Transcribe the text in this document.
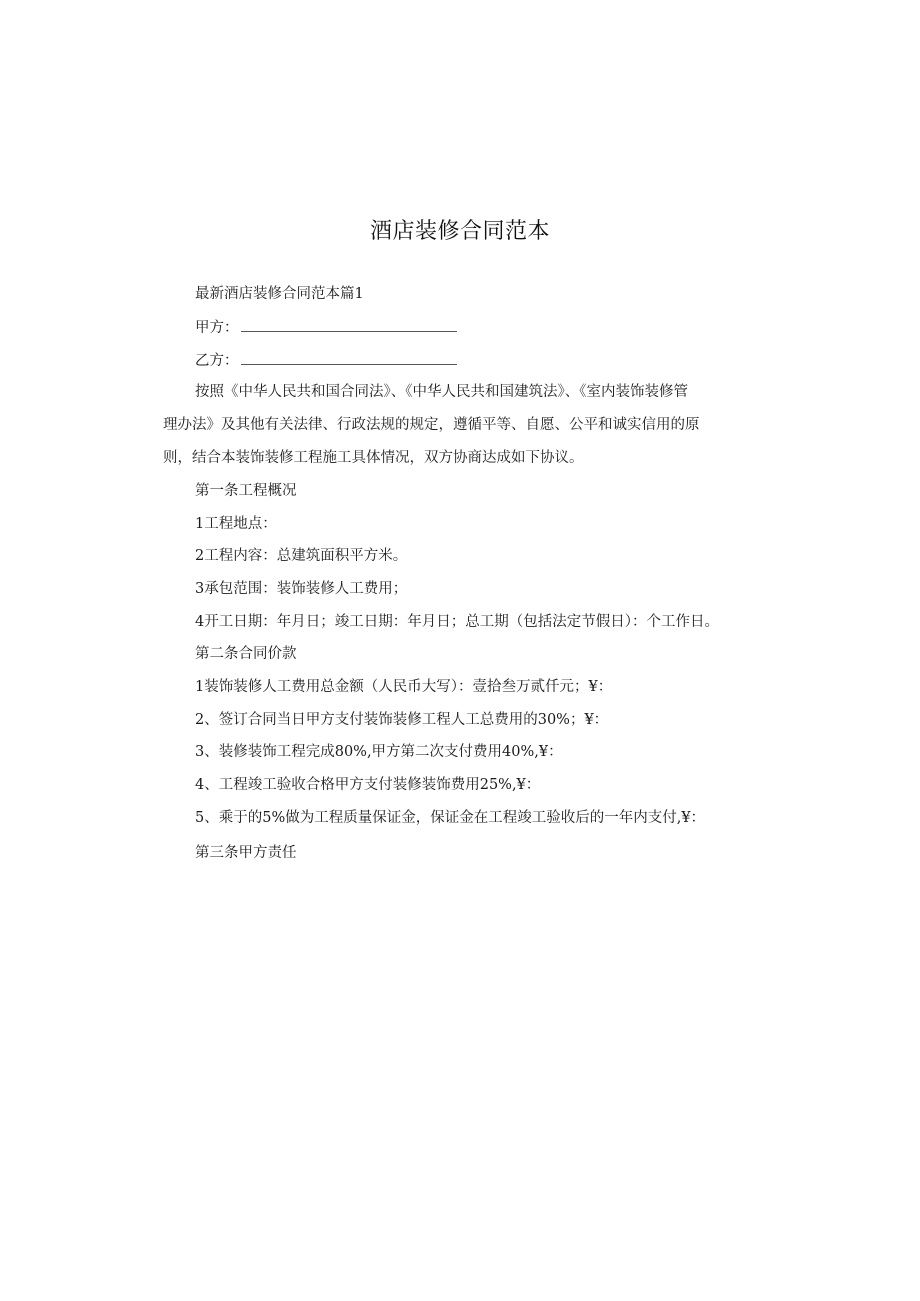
酒店装修合同范本
最新酒店装修合同范本篇1
甲方：
乙方：
按照《中华人民共和国合同法》、《中华人民共和国建筑法》、《室内装饰装修管
理办法》及其他有关法律、行政法规的规定，遵循平等、自愿、公平和诚实信用的原
则，结合本装饰装修工程施工具体情况，双方协商达成如下协议。
第一条工程概况
1工程地点：
2工程内容：总建筑面积平方米。
3承包范围：装饰装修人工费用；
4开工日期：年月日；竣工日期：年月日；总工期（包括法定节假日）：个工作日。
第二条合同价款
1装饰装修人工费用总金额（人民币大写）：壹拾叁万贰仟元；¥：
2、签订合同当日甲方支付装饰装修工程人工总费用的30%；¥：
3、装修装饰工程完成80%,甲方第二次支付费用40%,¥：
4、工程竣工验收合格甲方支付装修装饰费用25%,¥：
5、乘于的5%做为工程质量保证金，保证金在工程竣工验收后的一年内支付,¥：
第三条甲方责任
